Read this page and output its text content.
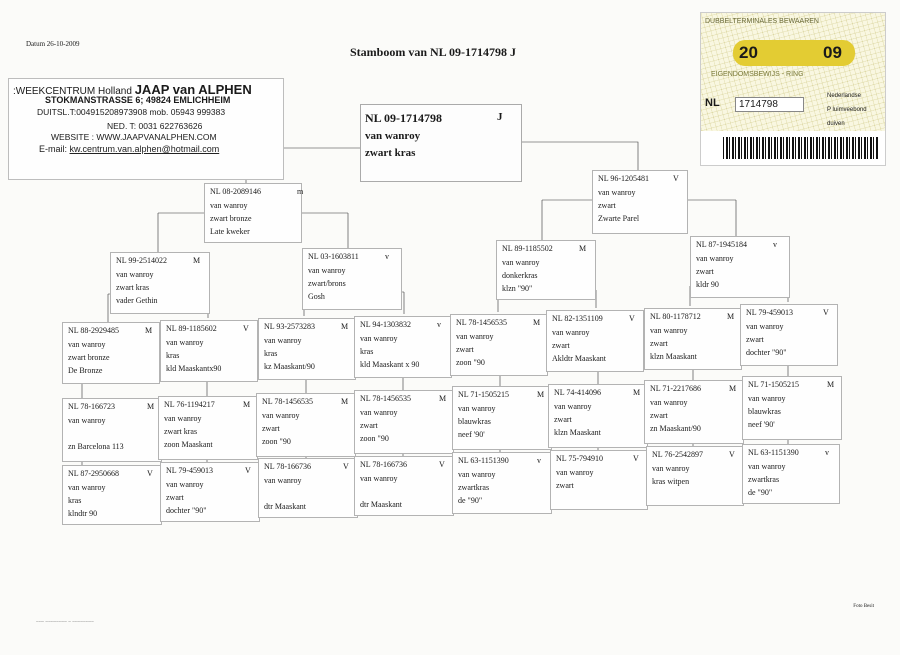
Datum 26-10-2009
Stamboom van NL 09-1714798 J
:WEEKCENTRUM Holland JAAP van ALPHEN
STOKMANSTRASSE 6; 49824 EMLICHHEIM
DUITSL.T:004915208973908 mob. 05943 999383
NED. T: 0031 622763626
WEBSITE : WWW.JAAPVANALPHEN.COM
E-mail: kw.centrum.van.alphen@hotmail.com
NL 09-1714798	J
van wanroy
zwart kras
DUBBELTERMINALES BEWAAREN
20	09
EIGENDOMSBEWIJS - RING
NL	1714798
Nederlandse
P luimveebond
duiven
NL 08-2089146	m
van wanroy
zwart bronze
Late kweker
NL 96-1205481	V
van wanroy
zwart
Zwarte Parel
NL 99-2514022	M
van wanroy
zwart kras
vader Gethin
NL 03-1603811	v
van wanroy
zwart/brons
Gosh
NL 89-1185502	M
van wanroy
donkerkras
klzn "90"
NL 87-1945184	v
van wanroy
zwart
kldr 90
NL 88-2929485	M
van wanroy
zwart bronze
De Bronze
NL 89-1185602	V
van wanroy
kras
kld Maaskantx90
NL 93-2573283	M
van wanroy
kras
kz Maaskant/90
NL 94-1303832	v
van wanroy
kras
kld Maaskant x 90
NL 78-1456535	M
van wanroy
zwart
zoon "90
NL 82-1351109	V
van wanroy
zwart
Akldtr Maaskant
NL 80-1178712	M
van wanroy
zwart
klzn Maaskant
NL 79-459013	V
van wanroy
zwart
dochter "90"
NL 78-166723	M
van wanroy
zn Barcelona 113
NL 76-1194217	M
van wanroy
zwart kras
zoon Maaskant
NL 78-1456535	M
van wanroy
zwart
zoon "90
NL 78-1456535	M
van wanroy
zwart
zoon "90
NL 71-1505215	M
van wanroy
blauwkras
neef '90'
NL 74-414096	M
van wanroy
zwart
klzn Maaskant
NL 71-2217686	M
van wanroy
zwart
zn Maaskant/90
NL 71-1505215	M
van wanroy
blauwkras
neef '90'
NL 87-2950668	V
van wanroy
kras
klndtr 90
NL 79-459013	V
van wanroy
zwart
dochter "90"
NL 78-166736	V
van wanroy
dtr Maaskant
NL 78-166736	V
van wanroy
dtr Maaskant
NL 63-1151390	v
van wanroy
zwartkras
de "90"
NL 75-794910	V
van wanroy
zwart
NL 76-2542897	V
van wanroy
kras witpen
NL 63-1151390	v
van wanroy
zwartkras
de "90"
Foto Besit
~~~ ~~~~~~~~ ~ ~~~~~~~~
